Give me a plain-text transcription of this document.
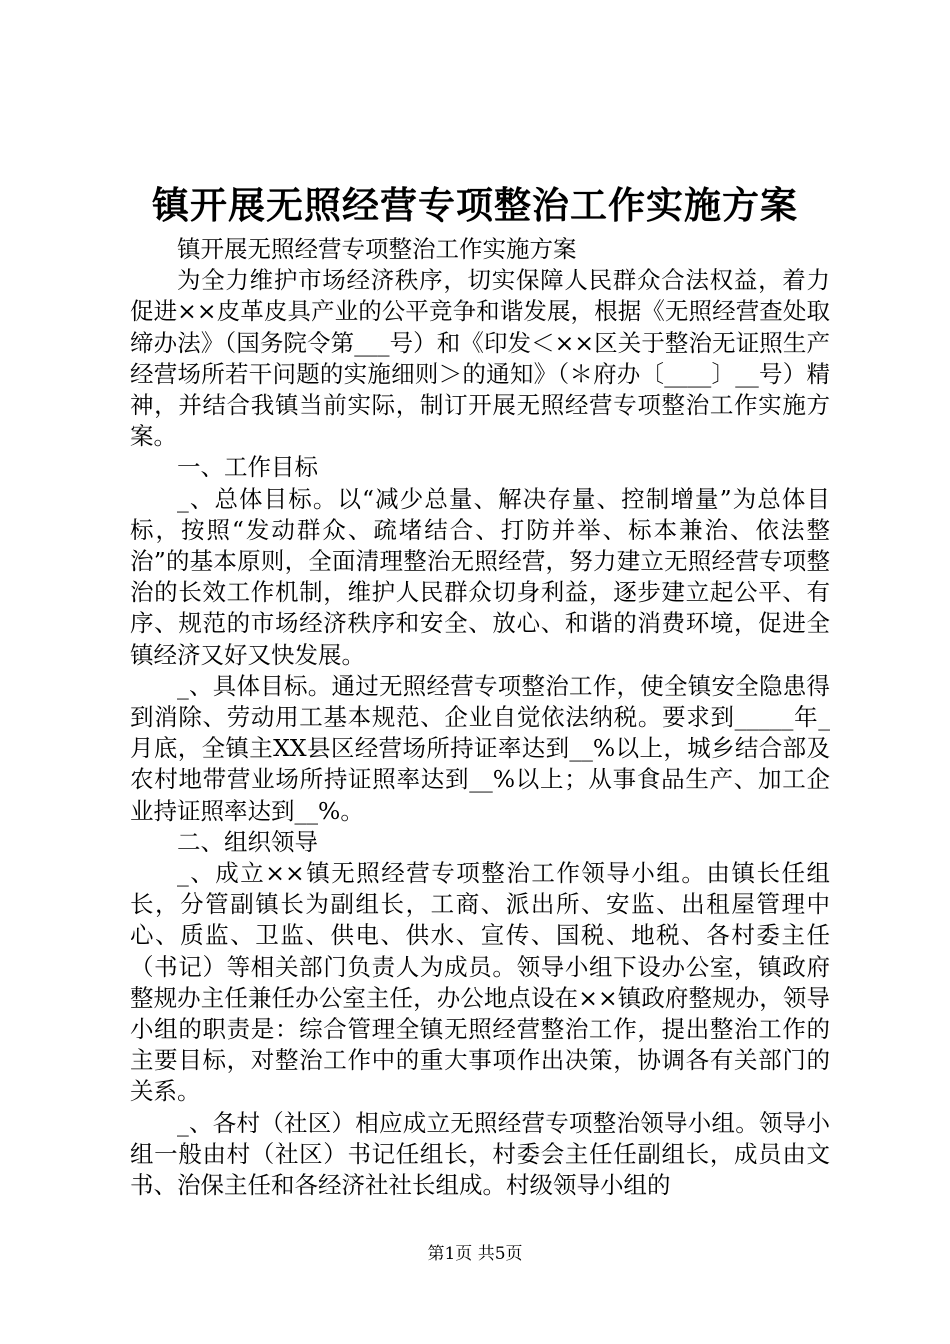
镇开展无照经营专项整治工作实施方案

镇开展无照经营专项整治工作实施方案

为全力维护市场经济秩序，切实保障人民群众合法权益，着力促进××皮革皮具产业的公平竞争和谐发展，根据《无照经营查处取缔办法》（国务院令第___号）和《印发＜××区关于整治无证照生产经营场所若干问题的实施细则＞的通知》（＊府办〔____〕__号）精神，并结合我镇当前实际，制订开展无照经营专项整治工作实施方案。

一、工作目标

_、总体目标。以“减少总量、解决存量、控制增量”为总体目标，按照“发动群众、疏堵结合、打防并举、标本兼治、依法整治”的基本原则，全面清理整治无照经营，努力建立无照经营专项整治的长效工作机制，维护人民群众切身利益，逐步建立起公平、有序、规范的市场经济秩序和安全、放心、和谐的消费环境，促进全镇经济又好又快发展。

_、具体目标。通过无照经营专项整治工作，使全镇安全隐患得到消除、劳动用工基本规范、企业自觉依法纳税。要求到_____年_月底，全镇主XX县区经营场所持证率达到__%以上，城乡结合部及农村地带营业场所持证照率达到__%以上；从事食品生产、加工企业持证照率达到__%。

二、组织领导

_、成立××镇无照经营专项整治工作领导小组。由镇长任组长，分管副镇长为副组长，工商、派出所、安监、出租屋管理中心、质监、卫监、供电、供水、宣传、国税、地税、各村委主任（书记）等相关部门负责人为成员。领导小组下设办公室，镇政府整规办主任兼任办公室主任，办公地点设在××镇政府整规办，领导小组的职责是：综合管理全镇无照经营整治工作，提出整治工作的主要目标，对整治工作中的重大事项作出决策，协调各有关部门的关系。

_、各村（社区）相应成立无照经营专项整治领导小组。领导小组一般由村（社区）书记任组长，村委会主任任副组长，成员由文书、治保主任和各经济社社长组成。村级领导小组的

第1页 共5页
